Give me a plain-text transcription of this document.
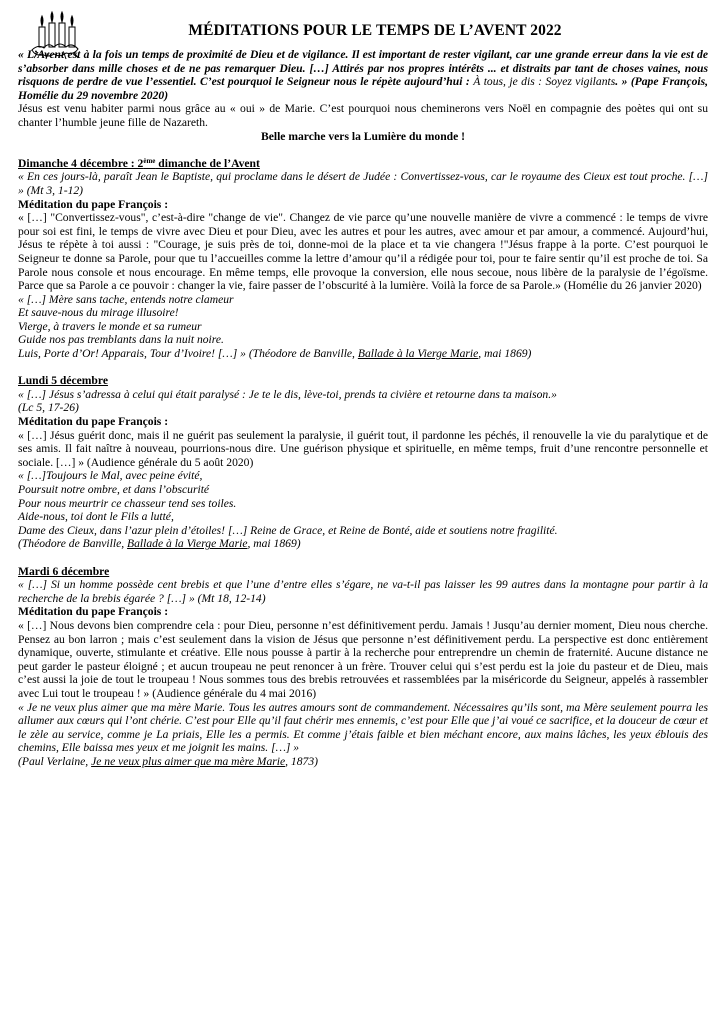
MÉDITATIONS POUR LE TEMPS DE L’AVENT 2022

« L’Avent est à la fois un temps de proximité de Dieu et de vigilance. Il est important de rester vigilant, car une grande erreur dans la vie est de s’absorber dans mille choses et de ne pas remarquer Dieu. […] Attirés par nos propres intérêts ... et distraits par tant de choses vaines, nous risquons de perdre de vue l’essentiel. C’est pourquoi le Seigneur nous le répète aujourd’hui : À tous, je dis : Soyez vigilants. » (Pape François, Homélie du 29 novembre 2020)

Jésus est venu habiter parmi nous grâce au « oui » de Marie. C’est pourquoi nous cheminerons vers Noël en compagnie des poètes qui ont su chanter l’humble jeune fille de Nazareth.

Belle marche vers la Lumière du monde !

Dimanche 4 décembre : 2ème dimanche de l’Avent

« En ces jours-là, paraît Jean le Baptiste, qui proclame dans le désert de Judée : Convertissez-vous, car le royaume des Cieux est tout proche. […] » (Mt 3, 1-12)

Méditation du pape François :

« […] "Convertissez-vous", c’est-à-dire "change de vie". Changez de vie parce qu’une nouvelle manière de vivre a commencé : le temps de vivre pour soi est fini, le temps de vivre avec Dieu et pour Dieu, avec les autres et pour les autres, avec amour et par amour, a commencé. Aujourd’hui, Jésus te répète à toi aussi : "Courage, je suis près de toi, donne-moi de la place et ta vie changera !"Jésus frappe à la porte. C’est pourquoi le Seigneur te donne sa Parole, pour que tu l’accueilles comme la lettre d’amour qu’il a rédigée pour toi, pour te faire sentir qu’il est proche de toi. Sa Parole nous console et nous encourage. En même temps, elle provoque la conversion, elle nous secoue, nous libère de la paralysie de l’égoïsme. Parce que sa Parole a ce pouvoir : changer la vie, faire passer de l’obscurité à la lumière. Voilà la force de sa Parole.» (Homélie du 26 janvier 2020)

« […] Mère sans tache, entends notre clameur

Et sauve-nous du mirage illusoire!

Vierge, à travers le monde et sa rumeur

Guide nos pas tremblants dans la nuit noire.

Luis, Porte d’Or! Apparais, Tour d’Ivoire! […] » (Théodore de Banville, Ballade à la Vierge Marie, mai 1869)

Lundi 5 décembre

« […] Jésus s’adressa à celui qui était paralysé : Je te le dis, lève-toi, prends ta civière et retourne dans ta maison.»

(Lc 5, 17-26)

Méditation du pape François :

« […] Jésus guérit donc, mais il ne guérit pas seulement la paralysie, il guérit tout, il pardonne les péchés, il renouvelle la vie du paralytique et de ses amis. Il fait naître à nouveau, pourrions-nous dire. Une guérison physique et spirituelle, en même temps, fruit d’une rencontre personnelle et sociale. […] » (Audience générale du 5 août 2020)

« […]Toujours le Mal, avec peine évité,

Poursuit notre ombre, et dans l’obscurité

Pour nous meurtrir ce chasseur tend ses toiles.

Aide-nous, toi dont le Fils a lutté,

Dame des Cieux, dans l’azur plein d’étoiles! […] Reine de Grace, et Reine de Bonté, aide et soutiens notre fragilité.

(Théodore de Banville, Ballade à la Vierge Marie, mai 1869)

Mardi 6 décembre

« […] Si un homme possède cent brebis et que l’une d’entre elles s’égare, ne va-t-il pas laisser les 99 autres dans la montagne pour partir à la recherche de la brebis égarée ? […] » (Mt 18, 12-14)

Méditation du pape François :

« […] Nous devons bien comprendre cela : pour Dieu, personne n’est définitivement perdu. Jamais ! Jusqu’au dernier moment, Dieu nous cherche. Pensez au bon larron ; mais c’est seulement dans la vision de Jésus que personne n’est définitivement perdu. La perspective est donc entièrement dynamique, ouverte, stimulante et créative. Elle nous pousse à partir à la recherche pour entreprendre un chemin de fraternité. Aucune distance ne peut garder le pasteur éloigné ; et aucun troupeau ne peut renoncer à un frère. Trouver celui qui s’est perdu est la joie du pasteur et de Dieu, mais c’est aussi la joie de tout le troupeau ! Nous sommes tous des brebis retrouvées et rassemblées par la miséricorde du Seigneur, appelés à rassembler avec Lui tout le troupeau ! » (Audience générale du 4 mai 2016)

« Je ne veux plus aimer que ma mère Marie. Tous les autres amours sont de commandement. Nécessaires qu’ils sont, ma Mère seulement pourra les allumer aux cœurs qui l’ont chérie. C’est pour Elle qu’il faut chérir mes ennemis, c’est pour Elle que j’ai voué ce sacrifice, et la douceur de cœur et le zèle au service, comme je La priais, Elle les a permis. Et comme j’étais faible et bien méchant encore, aux mains lâches, les yeux éblouis des chemins, Elle baissa mes yeux et me joignit les mains. […] »

(Paul Verlaine, Je ne veux plus aimer que ma mère Marie, 1873)
